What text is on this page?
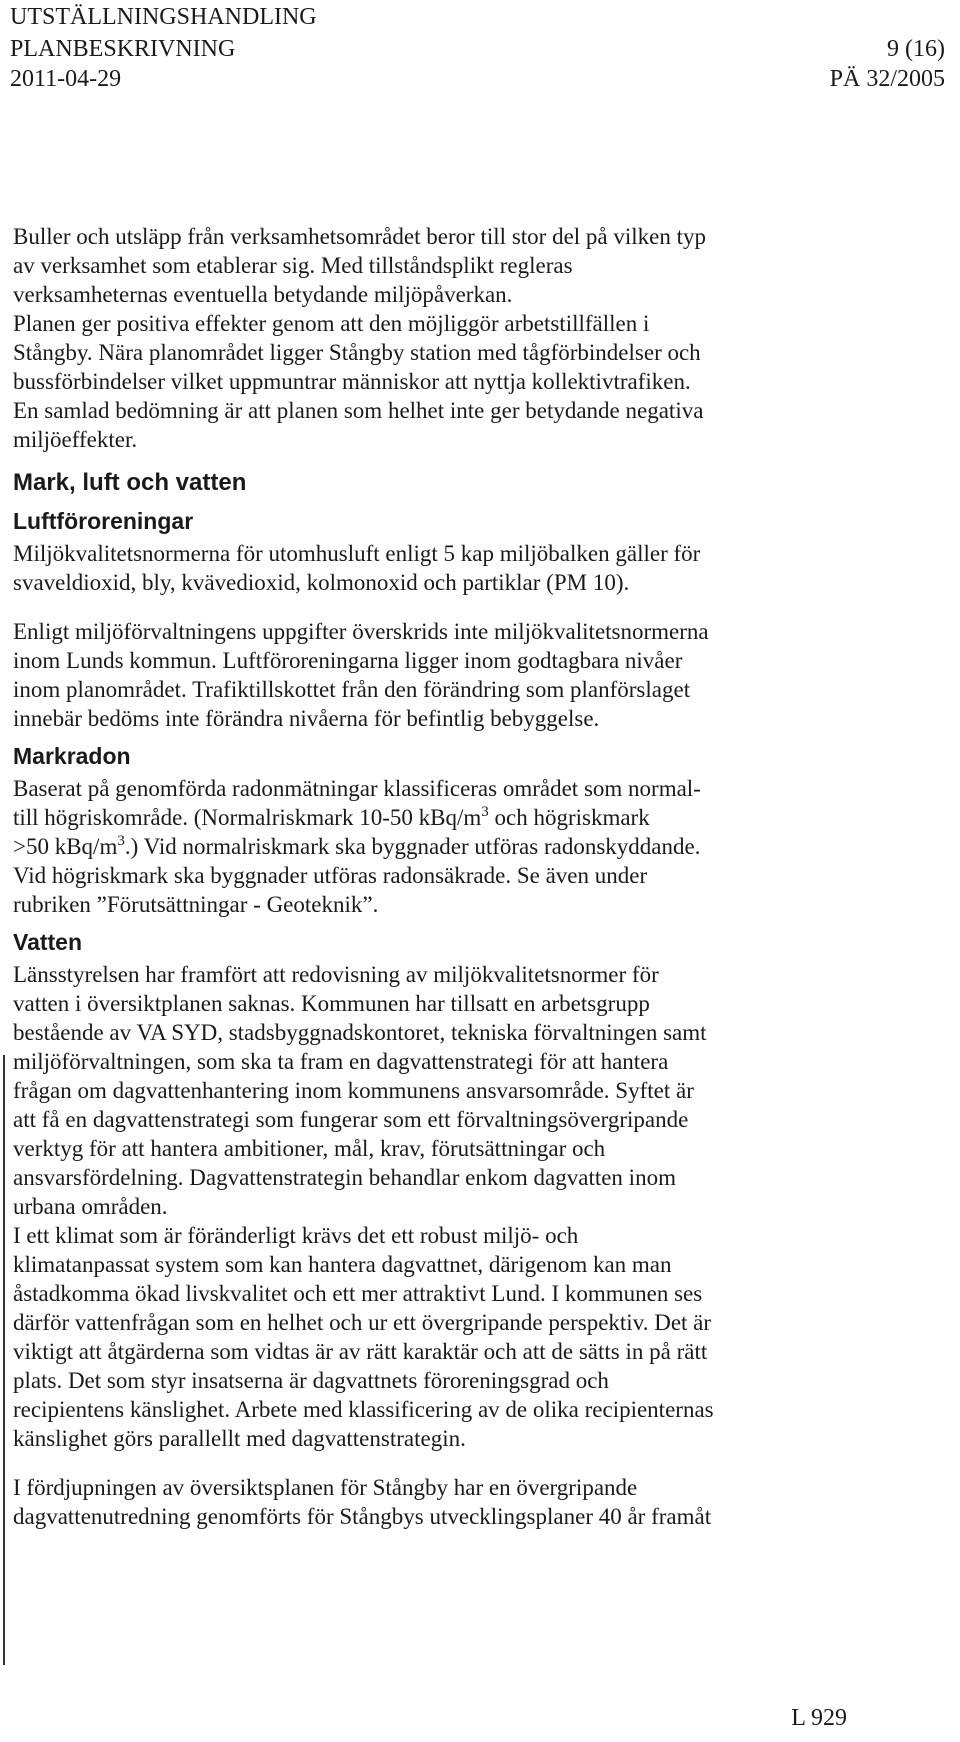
UTSTÄLLNINGSHANDLING
PLANBESKRIVNING	9 (16)
2011-04-29	PÄ 32/2005

Buller och utsläpp från verksamhetsområdet beror till stor del på vilken typ
av verksamhet som etablerar sig. Med tillståndsplikt regleras
verksamheternas eventuella betydande miljöpåverkan.
Planen ger positiva effekter genom att den möjliggör arbetstillfällen i
Stångby. Nära planområdet ligger Stångby station med tågförbindelser och
bussförbindelser vilket uppmuntrar människor att nyttja kollektivtrafiken.
En samlad bedömning är att planen som helhet inte ger betydande negativa
miljöeffekter.

Mark, luft och vatten
Luftföroreningar

Miljökvalitetsnormerna för utomhusluft enligt 5 kap miljöbalken gäller för
svaveldioxid, bly, kvävedioxid, kolmonoxid och partiklar (PM 10).

Enligt miljöförvaltningens uppgifter överskrids inte miljökvalitetsnormerna
inom Lunds kommun. Luftföroreningarna ligger inom godtagbara nivåer
inom planområdet. Trafiktillskottet från den förändring som planförslaget
innebär bedöms inte förändra nivåerna för befintlig bebyggelse.

Markradon

Baserat på genomförda radonmätningar klassificeras området som normal-
till högriskområde. (Normalriskmark 10-50 kBq/$m^3$ och högriskmark
>50 kBq/$m^3$.) Vid normalriskmark ska byggnader utföras radonskyddande.
Vid högriskmark ska byggnader utföras radonsäkrade. Se även under
rubriken ”Förutsättningar - Geoteknik”.

Vatten

Länsstyrelsen har framfört att redovisning av miljökvalitetsnormer för
vatten i översiktplanen saknas. Kommunen har tillsatt en arbetsgrupp
bestående av VA SYD, stadsbyggnadskontoret, tekniska förvaltningen samt
miljöförvaltningen, som ska ta fram en dagvattenstrategi för att hantera
frågan om dagvattenhantering inom kommunens ansvarsområde. Syftet är
att få en dagvattenstrategi som fungerar som ett förvaltningsövergripande
verktyg för att hantera ambitioner, mål, krav, förutsättningar och
ansvarsfördelning. Dagvattenstrategin behandlar enkom dagvatten inom
urbana områden.

I ett klimat som är föränderligt krävs det ett robust miljö- och
klimatanpassat system som kan hantera dagvattnet, därigenom kan man
åstadkomma ökad livskvalitet och ett mer attraktivt Lund. I kommunen ses
därför vattenfrågan som en helhet och ur ett övergripande perspektiv. Det är
viktigt att åtgärderna som vidtas är av rätt karaktär och att de sätts in på rätt
plats. Det som styr insatserna är dagvattnets föroreningsgrad och
recipientens känslighet. Arbete med klassificering av de olika recipienternas
känslighet görs parallellt med dagvattenstrategin.

I fördjupningen av översiktsplanen för Stångby har en övergripande
dagvattenutredning genomförts för Stångbys utvecklingsplaner 40 år framåt

L 929
